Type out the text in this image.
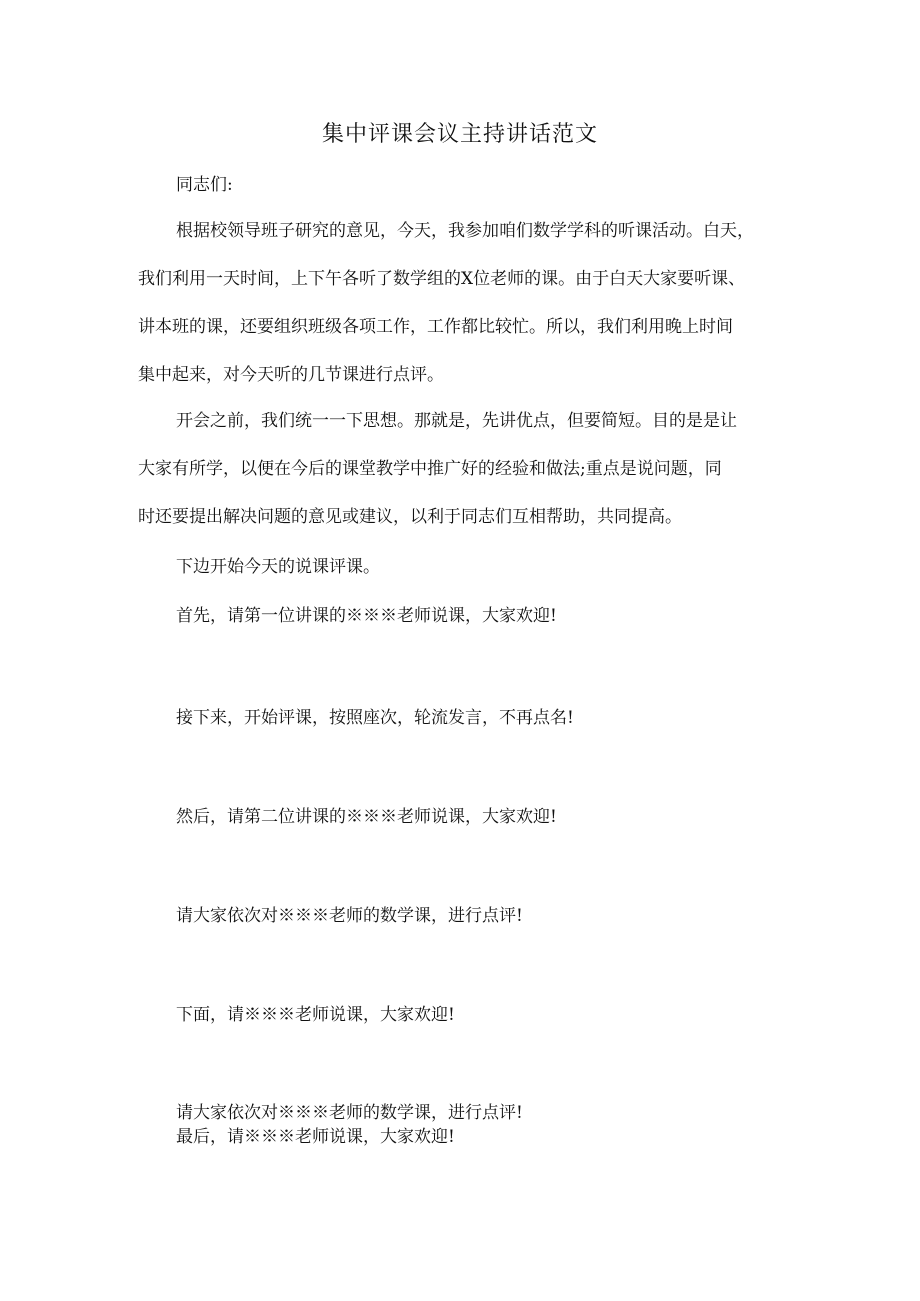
集中评课会议主持讲话范文
同志们:
根据校领导班子研究的意见，今天，我参加咱们数学学科的听课活动。白天，
我们利用一天时间，上下午各听了数学组的X位老师的课。由于白天大家要听课、
讲本班的课，还要组织班级各项工作，工作都比较忙。所以，我们利用晚上时间
集中起来，对今天听的几节课进行点评。
开会之前，我们统一一下思想。那就是，先讲优点，但要简短。目的是是让
大家有所学，以便在今后的课堂教学中推广好的经验和做法;重点是说问题，同
时还要提出解决问题的意见或建议，以利于同志们互相帮助，共同提高。
下边开始今天的说课评课。
首先，请第一位讲课的※※※老师说课，大家欢迎!
接下来，开始评课，按照座次，轮流发言，不再点名!
然后，请第二位讲课的※※※老师说课，大家欢迎!
请大家依次对※※※老师的数学课，进行点评!
下面，请※※※老师说课，大家欢迎!
请大家依次对※※※老师的数学课，进行点评!
最后，请※※※老师说课，大家欢迎!
